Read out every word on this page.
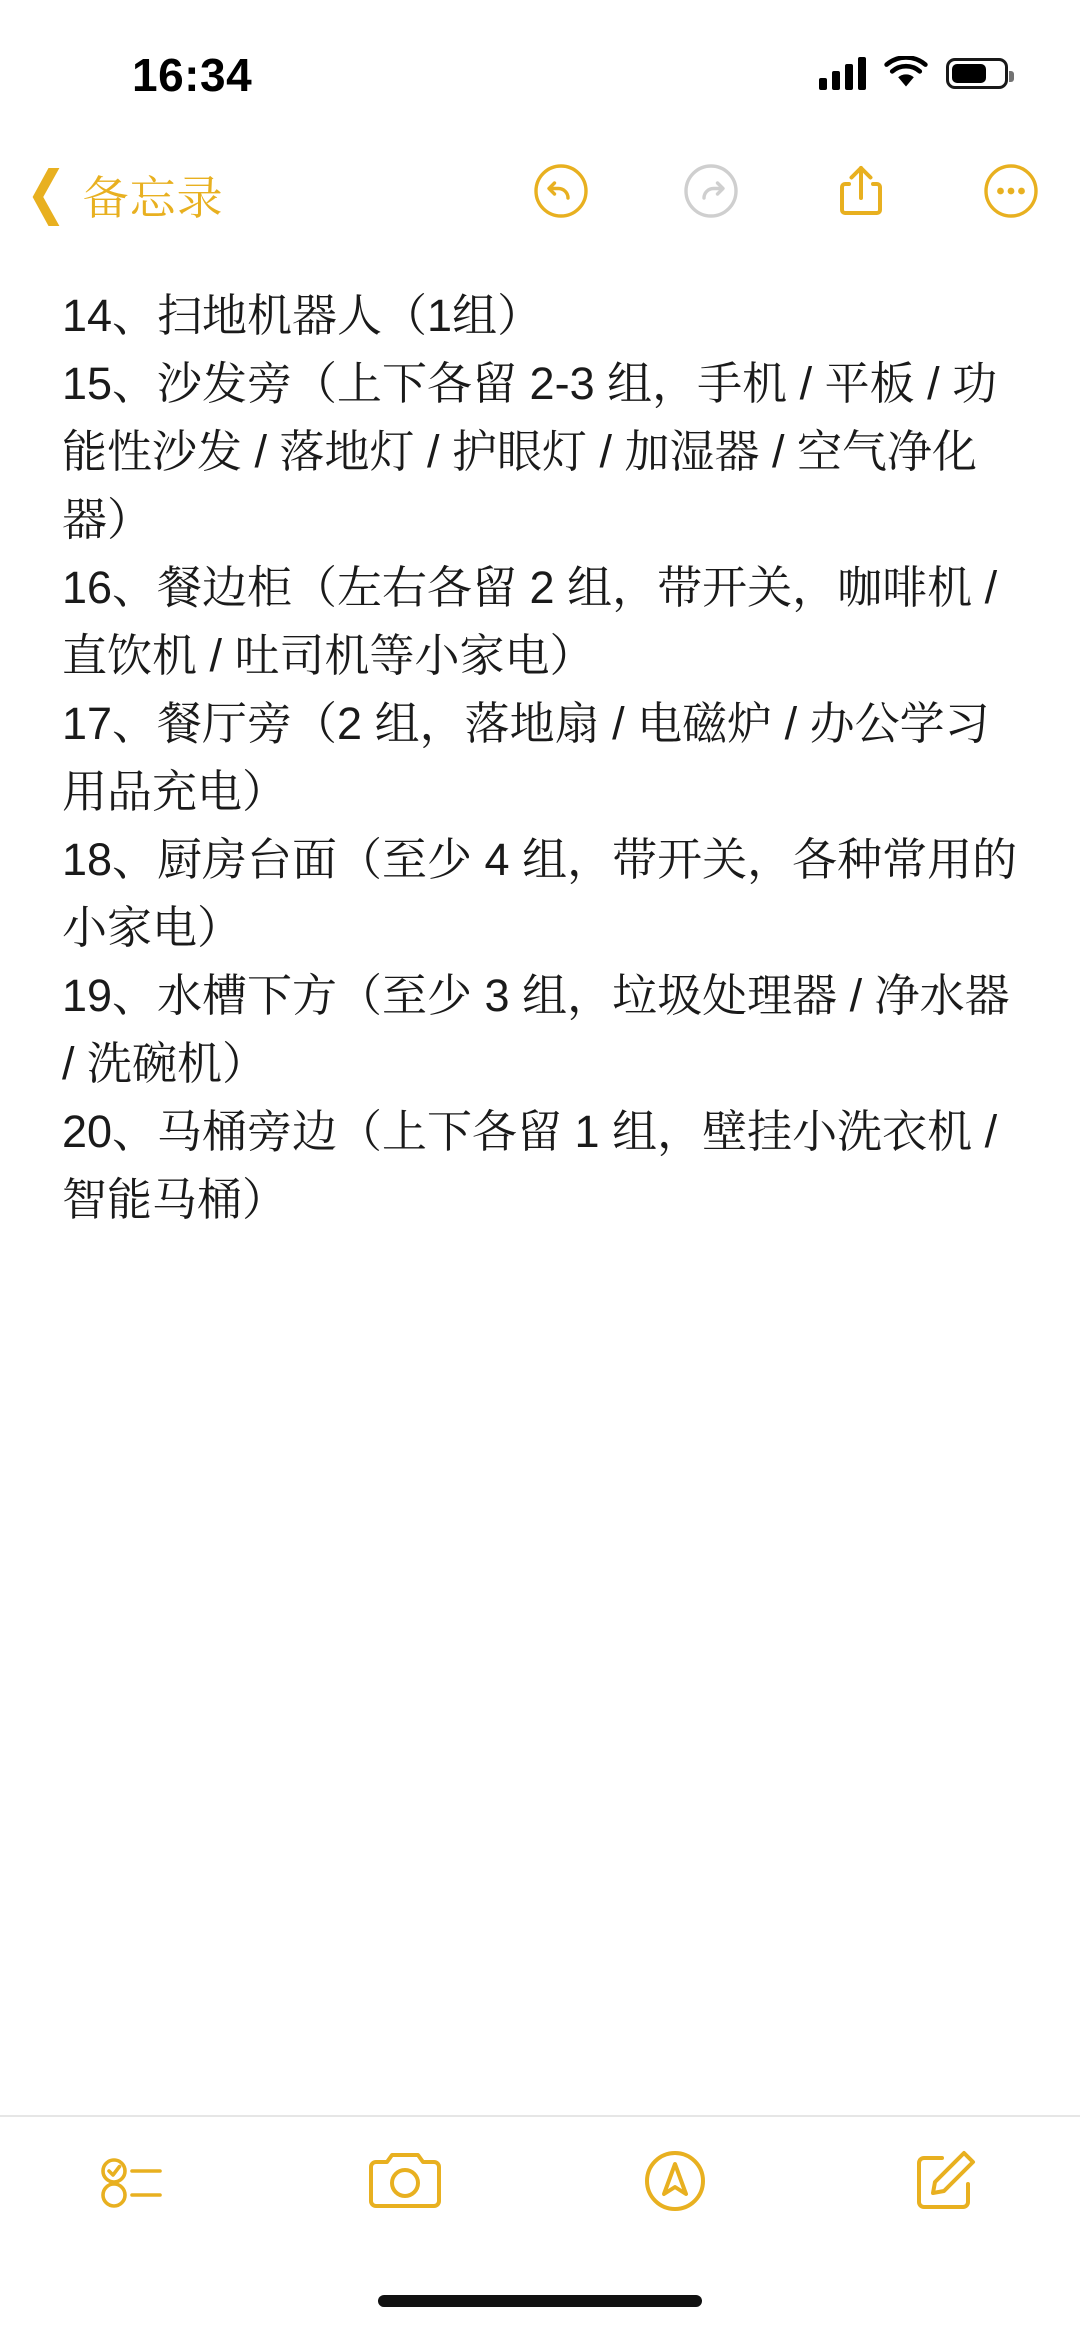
16:34
❮ 备忘录
14、扫地机器人（1组）
15、沙发旁（上下各留 2-3 组，手机 / 平板 / 功能性沙发 / 落地灯 / 护眼灯 / 加湿器 / 空气净化器）
16、餐边柜（左右各留 2 组，带开关，咖啡机 / 直饮机 / 吐司机等小家电）
17、餐厅旁（2 组，落地扇 / 电磁炉 / 办公学习用品充电）
18、厨房台面（至少 4 组，带开关，各种常用的小家电）
19、水槽下方（至少 3 组，垃圾处理器 / 净水器 / 洗碗机）
20、马桶旁边（上下各留 1 组，壁挂小洗衣机 / 智能马桶）
